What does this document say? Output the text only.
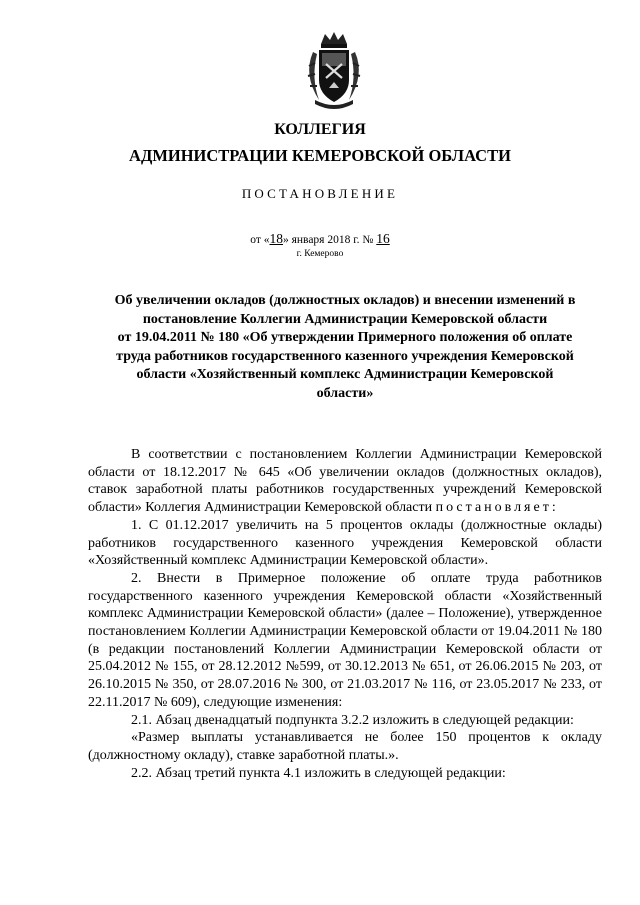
КОЛЛЕГИЯ
АДМИНИСТРАЦИИ КЕМЕРОВСКОЙ ОБЛАСТИ
ПОСТАНОВЛЕНИЕ
от «18» января 2018 г. № 16
г. Кемерово
Об увеличении окладов (должностных окладов) и внесении изменений в
постановление Коллегии Администрации Кемеровской области
от 19.04.2011 № 180 «Об утверждении Примерного положения об оплате
труда работников государственного казенного учреждения Кемеровской
области «Хозяйственный комплекс Администрации Кемеровской
области»

В соответствии с постановлением Коллегии Администрации Кемеровской области от 18.12.2017 № 645 «Об увеличении окладов (должностных окладов), ставок заработной платы работников государственных учреждений Кемеровской области» Коллегия Администрации Кемеровской области постановляет:

1. С 01.12.2017 увеличить на 5 процентов оклады (должностные оклады) работников государственного казенного учреждения Кемеровской области «Хозяйственный комплекс Администрации Кемеровской области».

2. Внести в Примерное положение об оплате труда работников государственного казенного учреждения Кемеровской области «Хозяйственный комплекс Администрации Кемеровской области» (далее – Положение), утвержденное постановлением Коллегии Администрации Кемеровской области от 19.04.2011 № 180 (в редакции постановлений Коллегии Администрации Кемеровской области от 25.04.2012 № 155, от 28.12.2012 №599, от 30.12.2013 № 651, от 26.06.2015 № 203, от 26.10.2015 № 350, от 28.07.2016 № 300, от 21.03.2017 № 116, от 23.05.2017 № 233, от 22.11.2017 № 609), следующие изменения:

2.1. Абзац двенадцатый подпункта 3.2.2 изложить в следующей редакции:

«Размер выплаты устанавливается не более 150 процентов к окладу (должностному окладу), ставке заработной платы.».

2.2. Абзац третий пункта 4.1 изложить в следующей редакции:
